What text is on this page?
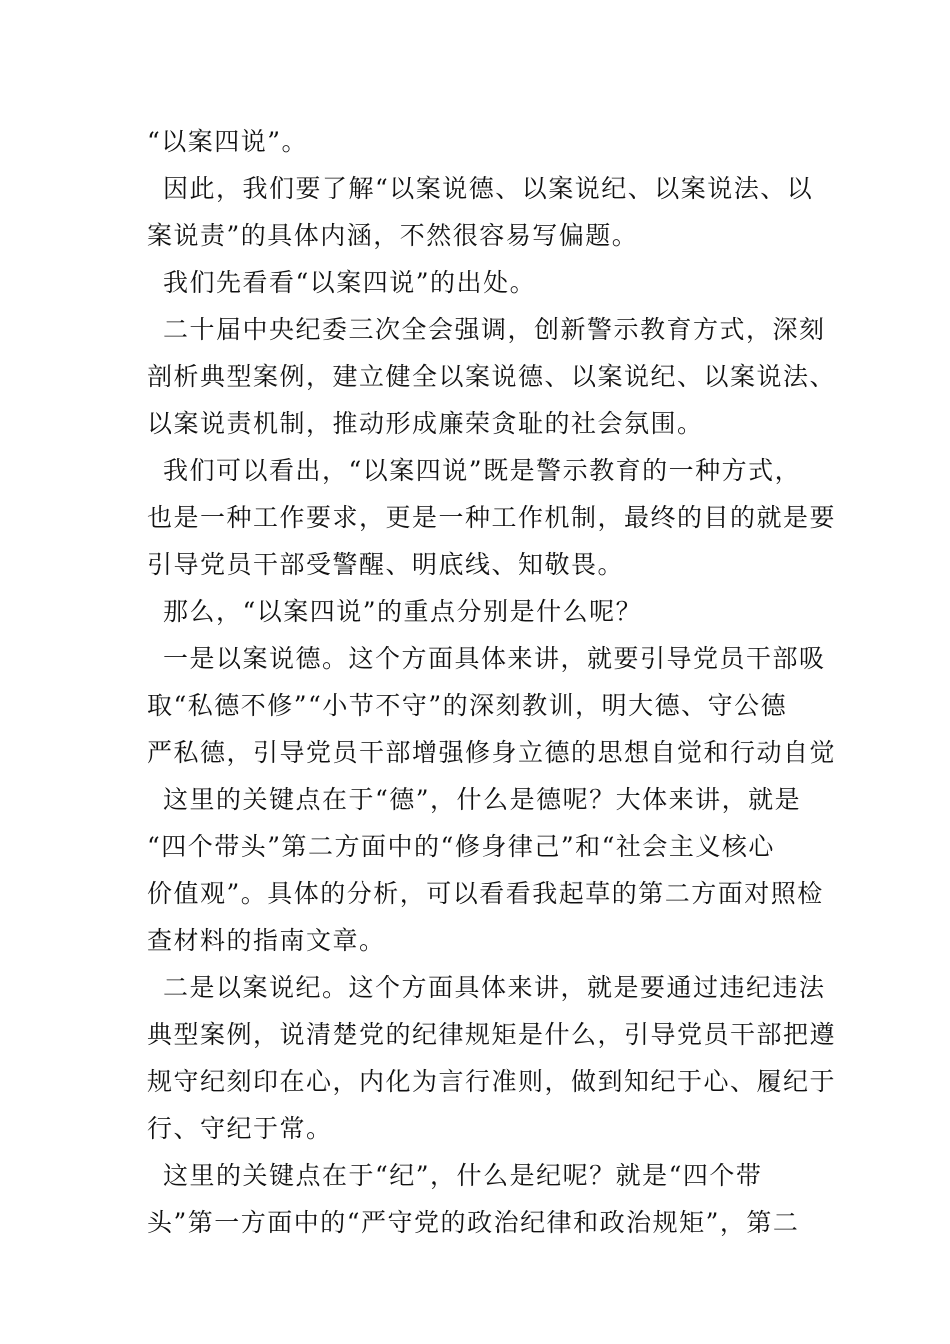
“以案四说”。
因此，我们要了解“以案说德、以案说纪、以案说法、以
案说责”的具体内涵，不然很容易写偏题。
我们先看看“以案四说”的出处。
二十届中央纪委三次全会强调，创新警示教育方式，深刻
剖析典型案例，建立健全以案说德、以案说纪、以案说法、
以案说责机制，推动形成廉荣贪耻的社会氛围。
我们可以看出，“以案四说”既是警示教育的一种方式，
也是一种工作要求，更是一种工作机制，最终的目的就是要
引导党员干部受警醒、明底线、知敬畏。
那么，“以案四说”的重点分别是什么呢？
一是以案说德。这个方面具体来讲，就要引导党员干部吸
取“私德不修”“小节不守”的深刻教训，明大德、守公德
严私德，引导党员干部增强修身立德的思想自觉和行动自觉
这里的关键点在于“德”，什么是德呢？大体来讲，就是
“四个带头”第二方面中的“修身律己”和“社会主义核心
价值观”。具体的分析，可以看看我起草的第二方面对照检
查材料的指南文章。
二是以案说纪。这个方面具体来讲，就是要通过违纪违法
典型案例，说清楚党的纪律规矩是什么，引导党员干部把遵
规守纪刻印在心，内化为言行准则，做到知纪于心、履纪于
行、守纪于常。
这里的关键点在于“纪”，什么是纪呢？就是“四个带
头”第一方面中的“严守党的政治纪律和政治规矩”，第二
